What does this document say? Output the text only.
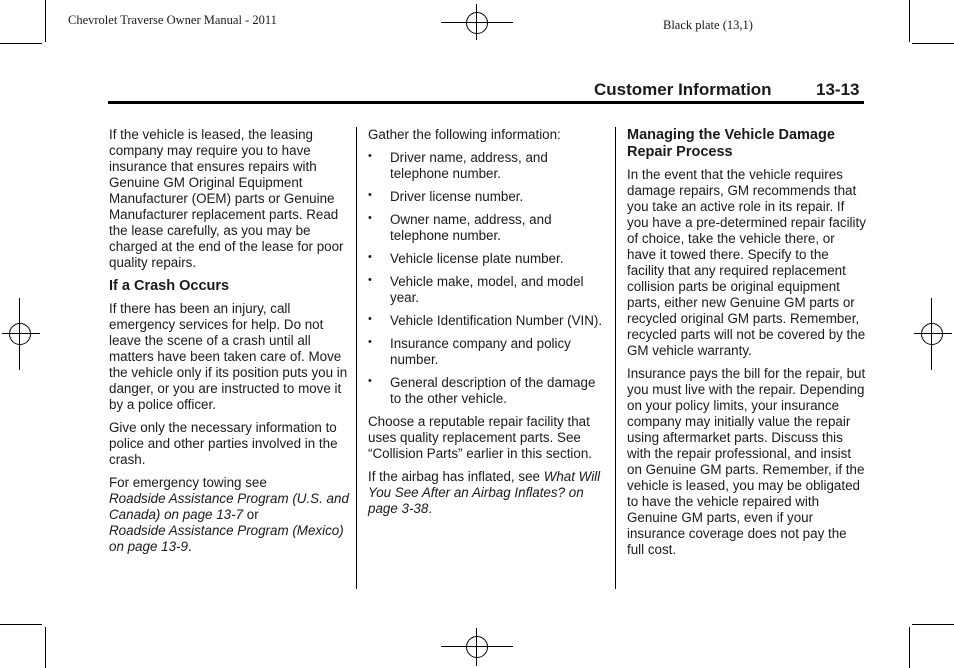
Chevrolet Traverse Owner Manual - 2011	Black plate (13,1)
Customer Information	13-13

If the vehicle is leased, the leasing company may require you to have insurance that ensures repairs with Genuine GM Original Equipment Manufacturer (OEM) parts or Genuine Manufacturer replacement parts. Read the lease carefully, as you may be charged at the end of the lease for poor quality repairs.

If a Crash Occurs

If there has been an injury, call emergency services for help. Do not leave the scene of a crash until all matters have been taken care of. Move the vehicle only if its position puts you in danger, or you are instructed to move it by a police officer.

Give only the necessary information to police and other parties involved in the crash.

For emergency towing see
Roadside Assistance Program (U.S. and Canada) on page 13-7 or
Roadside Assistance Program (Mexico) on page 13-9.

Gather the following information:

• Driver name, address, and telephone number.
• Driver license number.
• Owner name, address, and telephone number.
• Vehicle license plate number.
• Vehicle make, model, and model year.
• Vehicle Identification Number (VIN).
• Insurance company and policy number.
• General description of the damage to the other vehicle.

Choose a reputable repair facility that uses quality replacement parts. See “Collision Parts” earlier in this section.

If the airbag has inflated, see What Will You See After an Airbag Inflates? on page 3-38.

Managing the Vehicle Damage Repair Process

In the event that the vehicle requires damage repairs, GM recommends that you take an active role in its repair. If you have a pre-determined repair facility of choice, take the vehicle there, or have it towed there. Specify to the facility that any required replacement collision parts be original equipment parts, either new Genuine GM parts or recycled original GM parts. Remember, recycled parts will not be covered by the GM vehicle warranty.

Insurance pays the bill for the repair, but you must live with the repair. Depending on your policy limits, your insurance company may initially value the repair using aftermarket parts. Discuss this with the repair professional, and insist on Genuine GM parts. Remember, if the vehicle is leased, you may be obligated to have the vehicle repaired with Genuine GM parts, even if your insurance coverage does not pay the full cost.
